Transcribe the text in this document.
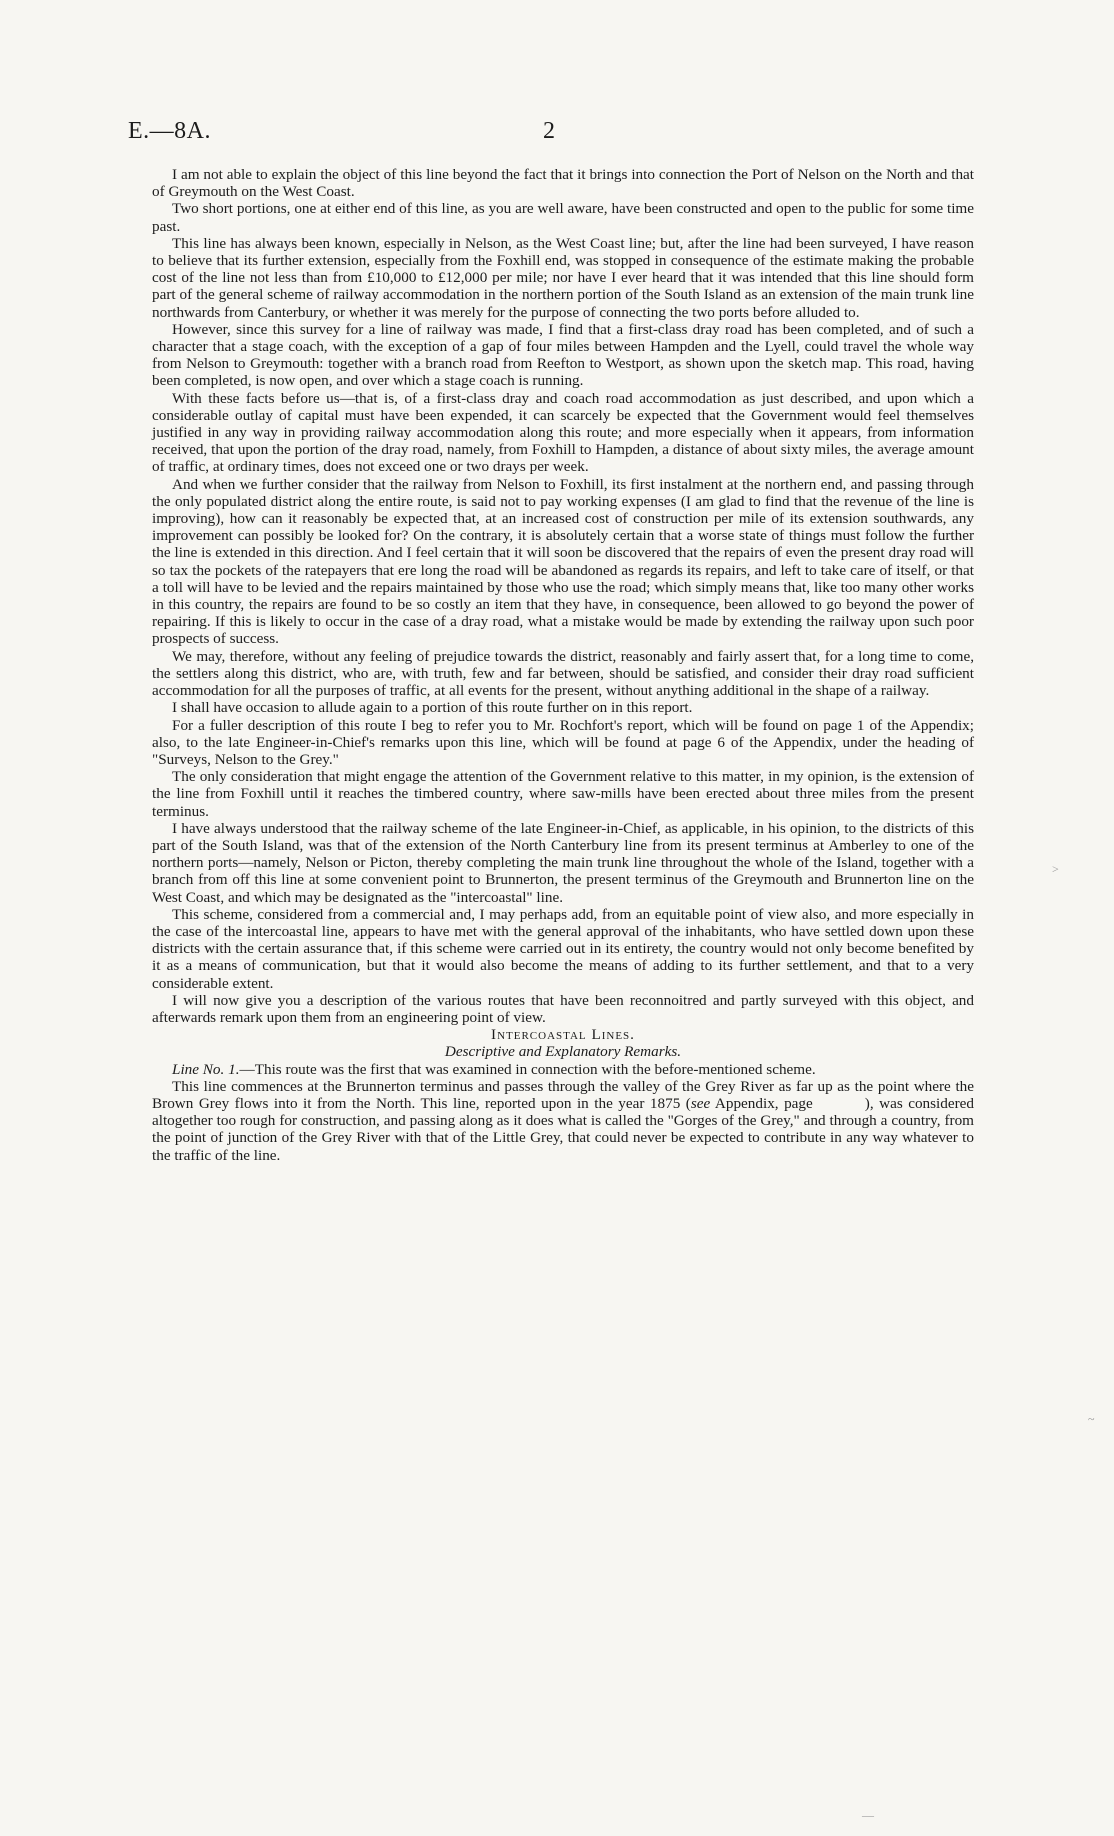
E.—8A.	2

I am not able to explain the object of this line beyond the fact that it brings into connection the Port of Nelson on the North and that of Greymouth on the West Coast.

Two short portions, one at either end of this line, as you are well aware, have been constructed and open to the public for some time past.

This line has always been known, especially in Nelson, as the West Coast line; but, after the line had been surveyed, I have reason to believe that its further extension, especially from the Foxhill end, was stopped in consequence of the estimate making the probable cost of the line not less than from £10,000 to £12,000 per mile; nor have I ever heard that it was intended that this line should form part of the general scheme of railway accommodation in the northern portion of the South Island as an extension of the main trunk line northwards from Canterbury, or whether it was merely for the purpose of connecting the two ports before alluded to.

However, since this survey for a line of railway was made, I find that a first-class dray road has been completed, and of such a character that a stage coach, with the exception of a gap of four miles between Hampden and the Lyell, could travel the whole way from Nelson to Greymouth: together with a branch road from Reefton to Westport, as shown upon the sketch map. This road, having been completed, is now open, and over which a stage coach is running.

With these facts before us—that is, of a first-class dray and coach road accommodation as just described, and upon which a considerable outlay of capital must have been expended, it can scarcely be expected that the Government would feel themselves justified in any way in providing railway accommodation along this route; and more especially when it appears, from information received, that upon the portion of the dray road, namely, from Foxhill to Hampden, a distance of about sixty miles, the average amount of traffic, at ordinary times, does not exceed one or two drays per week.

And when we further consider that the railway from Nelson to Foxhill, its first instalment at the northern end, and passing through the only populated district along the entire route, is said not to pay working expenses (I am glad to find that the revenue of the line is improving), how can it reasonably be expected that, at an increased cost of construction per mile of its extension southwards, any improvement can possibly be looked for? On the contrary, it is absolutely certain that a worse state of things must follow the further the line is extended in this direction. And I feel certain that it will soon be discovered that the repairs of even the present dray road will so tax the pockets of the ratepayers that ere long the road will be abandoned as regards its repairs, and left to take care of itself, or that a toll will have to be levied and the repairs maintained by those who use the road; which simply means that, like too many other works in this country, the repairs are found to be so costly an item that they have, in consequence, been allowed to go beyond the power of repairing. If this is likely to occur in the case of a dray road, what a mistake would be made by extending the railway upon such poor prospects of success.

We may, therefore, without any feeling of prejudice towards the district, reasonably and fairly assert that, for a long time to come, the settlers along this district, who are, with truth, few and far between, should be satisfied, and consider their dray road sufficient accommodation for all the purposes of traffic, at all events for the present, without anything additional in the shape of a railway.

I shall have occasion to allude again to a portion of this route further on in this report.

For a fuller description of this route I beg to refer you to Mr. Rochfort's report, which will be found on page 1 of the Appendix; also, to the late Engineer-in-Chief's remarks upon this line, which will be found at page 6 of the Appendix, under the heading of "Surveys, Nelson to the Grey."

The only consideration that might engage the attention of the Government relative to this matter, in my opinion, is the extension of the line from Foxhill until it reaches the timbered country, where saw-mills have been erected about three miles from the present terminus.

I have always understood that the railway scheme of the late Engineer-in-Chief, as applicable, in his opinion, to the districts of this part of the South Island, was that of the extension of the North Canterbury line from its present terminus at Amberley to one of the northern ports—namely, Nelson or Picton, thereby completing the main trunk line throughout the whole of the Island, together with a branch from off this line at some convenient point to Brunnerton, the present terminus of the Greymouth and Brunnerton line on the West Coast, and which may be designated as the "intercoastal" line.

This scheme, considered from a commercial and, I may perhaps add, from an equitable point of view also, and more especially in the case of the intercoastal line, appears to have met with the general approval of the inhabitants, who have settled down upon these districts with the certain assurance that, if this scheme were carried out in its entirety, the country would not only become benefited by it as a means of communication, but that it would also become the means of adding to its further settlement, and that to a very considerable extent.

I will now give you a description of the various routes that have been reconnoitred and partly surveyed with this object, and afterwards remark upon them from an engineering point of view.

Intercoastal Lines.

Descriptive and Explanatory Remarks.

Line No. 1.—This route was the first that was examined in connection with the before-mentioned scheme.

This line commences at the Brunnerton terminus and passes through the valley of the Grey River as far up as the point where the Brown Grey flows into it from the North. This line, reported upon in the year 1875 (see Appendix, page	), was considered altogether too rough for construction, and passing along as it does what is called the "Gorges of the Grey," and through a country, from the point of junction of the Grey River with that of the Little Grey, that could never be expected to contribute in any way whatever to the traffic of the line.

>
~
—
